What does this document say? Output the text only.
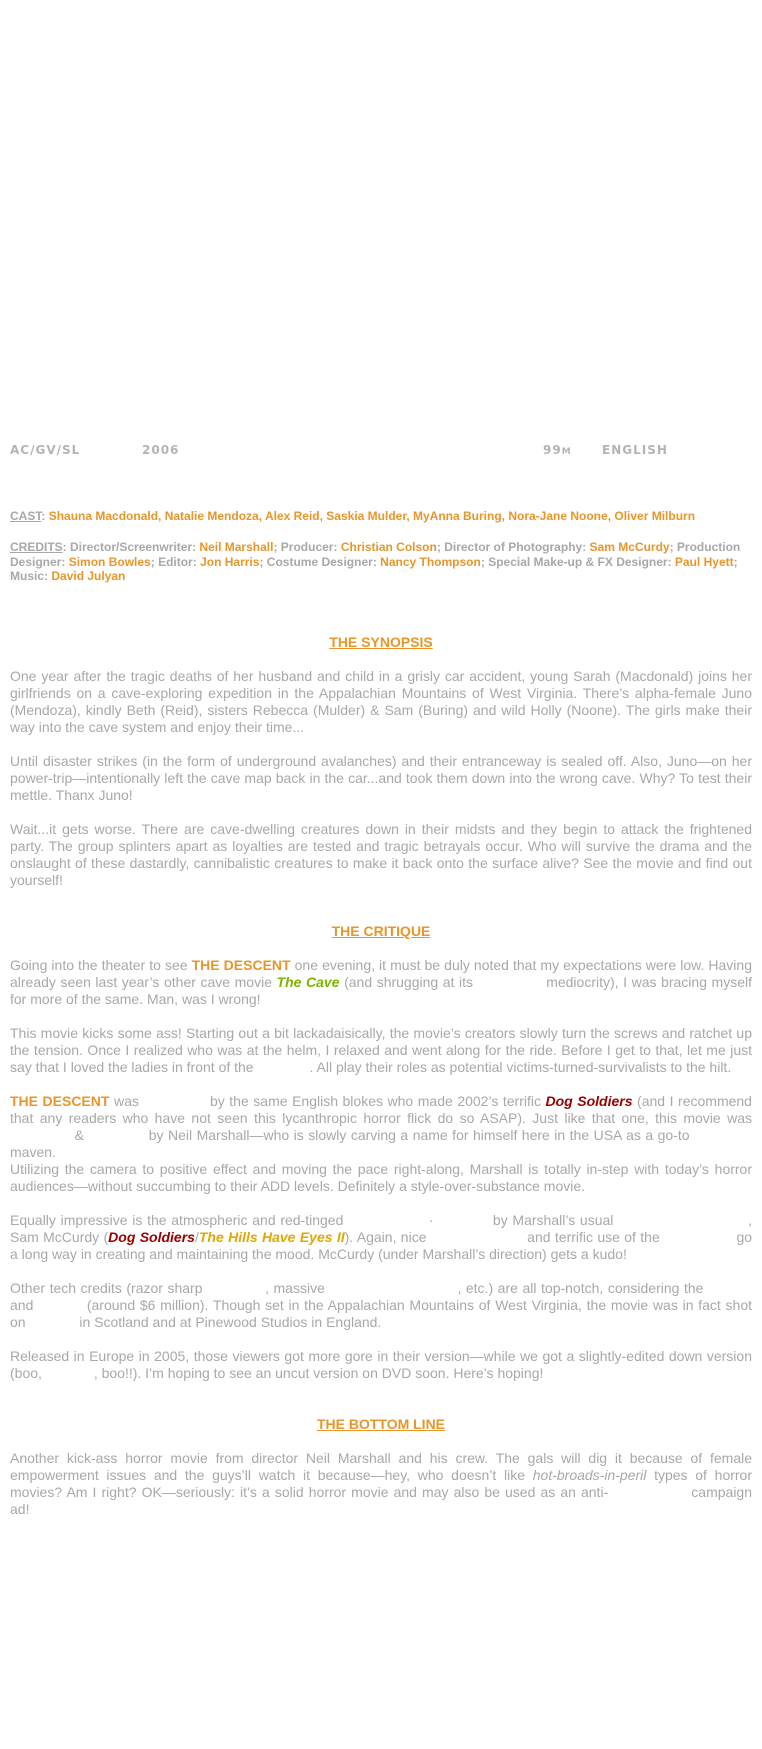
AC/GV/SL	2006	99M	ENGLISH
CAST: Shauna Macdonald, Natalie Mendoza, Alex Reid, Saskia Mulder, MyAnna Buring, Nora-Jane Noone, Oliver Milburn
CREDITS: Director/Screenwriter: Neil Marshall; Producer: Christian Colson; Director of Photography: Sam McCurdy; Production Designer: Simon Bowles; Editor: Jon Harris; Costume Designer: Nancy Thompson; Special Make-up & FX Designer: Paul Hyett; Music: David Julyan
THE SYNOPSIS
One year after the tragic deaths of her husband and child in a grisly car accident, young Sarah (Macdonald) joins her girlfriends on a cave-exploring expedition in the Appalachian Mountains of West Virginia. There’s alpha-female Juno (Mendoza), kindly Beth (Reid), sisters Rebecca (Mulder) & Sam (Buring) and wild Holly (Noone). The girls make their way into the cave system and enjoy their time...
Until disaster strikes (in the form of underground avalanches) and their entranceway is sealed off. Also, Juno—on her power-trip—intentionally left the cave map back in the car...and took them down into the wrong cave. Why? To test their mettle. Thanx Juno!
Wait...it gets worse. There are cave-dwelling creatures down in their midsts and they begin to attack the frightened party. The group splinters apart as loyalties are tested and tragic betrayals occur. Who will survive the drama and the onslaught of these dastardly, cannibalistic creatures to make it back onto the surface alive? See the movie and find out yourself!
THE CRITIQUE
Going into the theater to see THE DESCENT one evening, it must be duly noted that my expectations were low. Having already seen last year’s other cave movie The Cave (and shrugging at its	mediocrity), I was bracing myself for more of the same. Man, was I wrong!
This movie kicks some ass! Starting out a bit lackadaisically, the movie’s creators slowly turn the screws and ratchet up the tension. Once I realized who was at the helm, I relaxed and went along for the ride. Before I get to that, let me just say that I loved the ladies in front of the	. All play their roles as potential victims-turned-survivalists to the hilt.
THE DESCENT was	by the same English blokes who made 2002’s terrific Dog Soldiers (and I recommend that any readers who have not seen this lycanthropic horror flick do so ASAP). Just like that one, this movie was  &	by Neil Marshall—who is slowly carving a name for himself here in the USA as a go-to  maven.
Utilizing the camera to positive effect and moving the pace right-along, Marshall is totally in-step with today’s horror audiences—without succumbing to their ADD levels. Definitely a style-over-substance movie.
Equally impressive is the atmospheric and red-tinged	·	by Marshall’s usual	, Sam McCurdy (Dog Soldiers/The Hills Have Eyes II). Again, nice	and terrific use of the	go a long way in creating and maintaining the mood. McCurdy (under Marshall’s direction) gets a kudo!
Other tech credits (razor sharp	, massive	, etc.) are all top-notch, considering the  and	(around $6 million). Though set in the Appalachian Mountains of West Virginia, the movie was in fact shot on	in Scotland and at Pinewood Studios in England.
Released in Europe in 2005, those viewers got more gore in their version—while we got a slightly-edited down version (boo,	, boo!!). I’m hoping to see an uncut version on DVD soon. Here’s hoping!
THE BOTTOM LINE
Another kick-ass horror movie from director Neil Marshall and his crew. The gals will dig it because of female empowerment issues and the guys’ll watch it because—hey, who doesn’t like hot-broads-in-peril types of horror movies? Am I right? OK—seriously: it’s a solid horror movie and may also be used as an anti-	campaign ad!
